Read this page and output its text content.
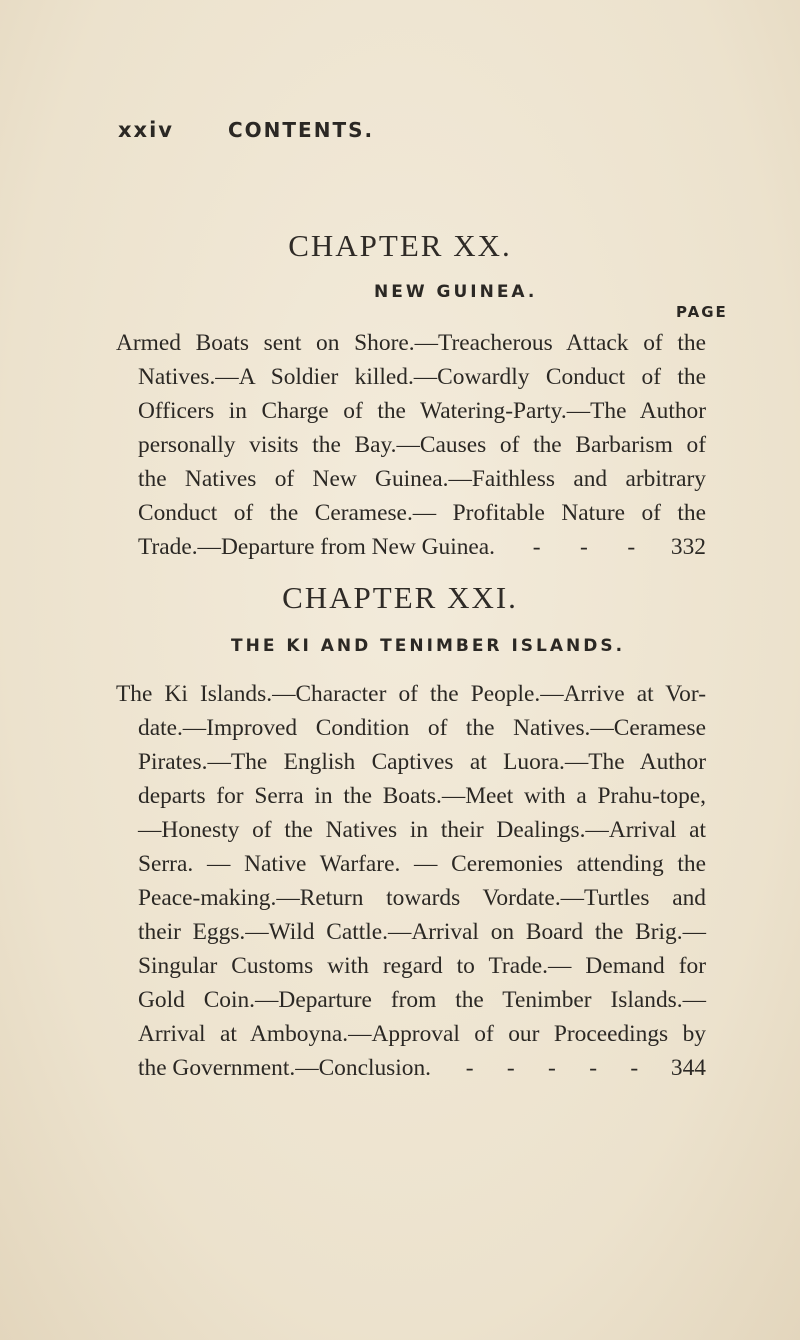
xxiv	CONTENTS.
CHAPTER XX.
NEW GUINEA.
PAGE
Armed Boats sent on Shore.—Treacherous Attack of the
Natives.—A Soldier killed.—Cowardly Conduct of the
Officers in Charge of the Watering-Party.—The Author
personally visits the Bay.—Causes of the Barbarism of
the Natives of New Guinea.—Faithless and arbitrary
Conduct of the Ceramese.— Profitable Nature of the
Trade.—Departure from New Guinea. - - - 332
CHAPTER XXI.
THE KI AND TENIMBER ISLANDS.
The Ki Islands.—Character of the People.—Arrive at Vor-
date.—Improved Condition of the Natives.—Ceramese
Pirates.—The English Captives at Luora.—The Author
departs for Serra in the Boats.—Meet with a Prahu-tope,
—Honesty of the Natives in their Dealings.—Arrival at
Serra. — Native Warfare. — Ceremonies attending the
Peace-making.—Return towards Vordate.—Turtles and
their Eggs.—Wild Cattle.—Arrival on Board the Brig.—
Singular Customs with regard to Trade.— Demand for
Gold Coin.—Departure from the Tenimber Islands.—
Arrival at Amboyna.—Approval of our Proceedings by
the Government.—Conclusion. - - - - - 344
